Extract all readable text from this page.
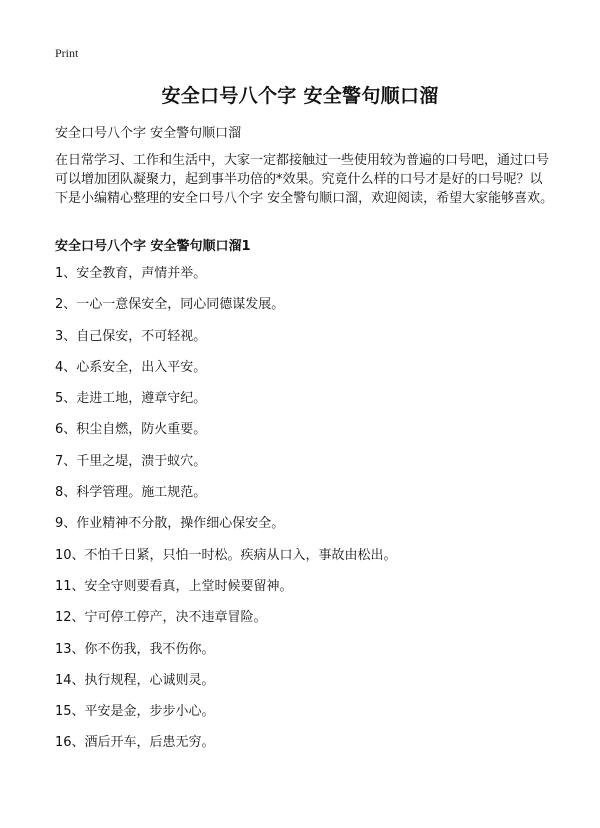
Print
安全口号八个字 安全警句顺口溜

安全口号八个字 安全警句顺口溜

在日常学习、工作和生活中，大家一定都接触过一些使用较为普遍的口号吧，通过口号可以增加团队凝聚力，起到事半功倍的*效果。究竟什么样的口号才是好的口号呢？以下是小编精心整理的安全口号八个字 安全警句顺口溜，欢迎阅读，希望大家能够喜欢。

安全口号八个字 安全警句顺口溜1

1、安全教育，声情并举。
2、一心一意保安全，同心同德谋发展。
3、自己保安，不可轻视。
4、心系安全，出入平安。
5、走进工地，遵章守纪。
6、积尘自燃，防火重要。
7、千里之堤，溃于蚁穴。
8、科学管理。施工规范。
9、作业精神不分散，操作细心保安全。
10、不怕千日紧，只怕一时松。疾病从口入，事故由松出。
11、安全守则要看真，上堂时候要留神。
12、宁可停工停产，决不违章冒险。
13、你不伤我，我不伤你。
14、执行规程，心诚则灵。
15、平安是金，步步小心。
16、酒后开车，后患无穷。
